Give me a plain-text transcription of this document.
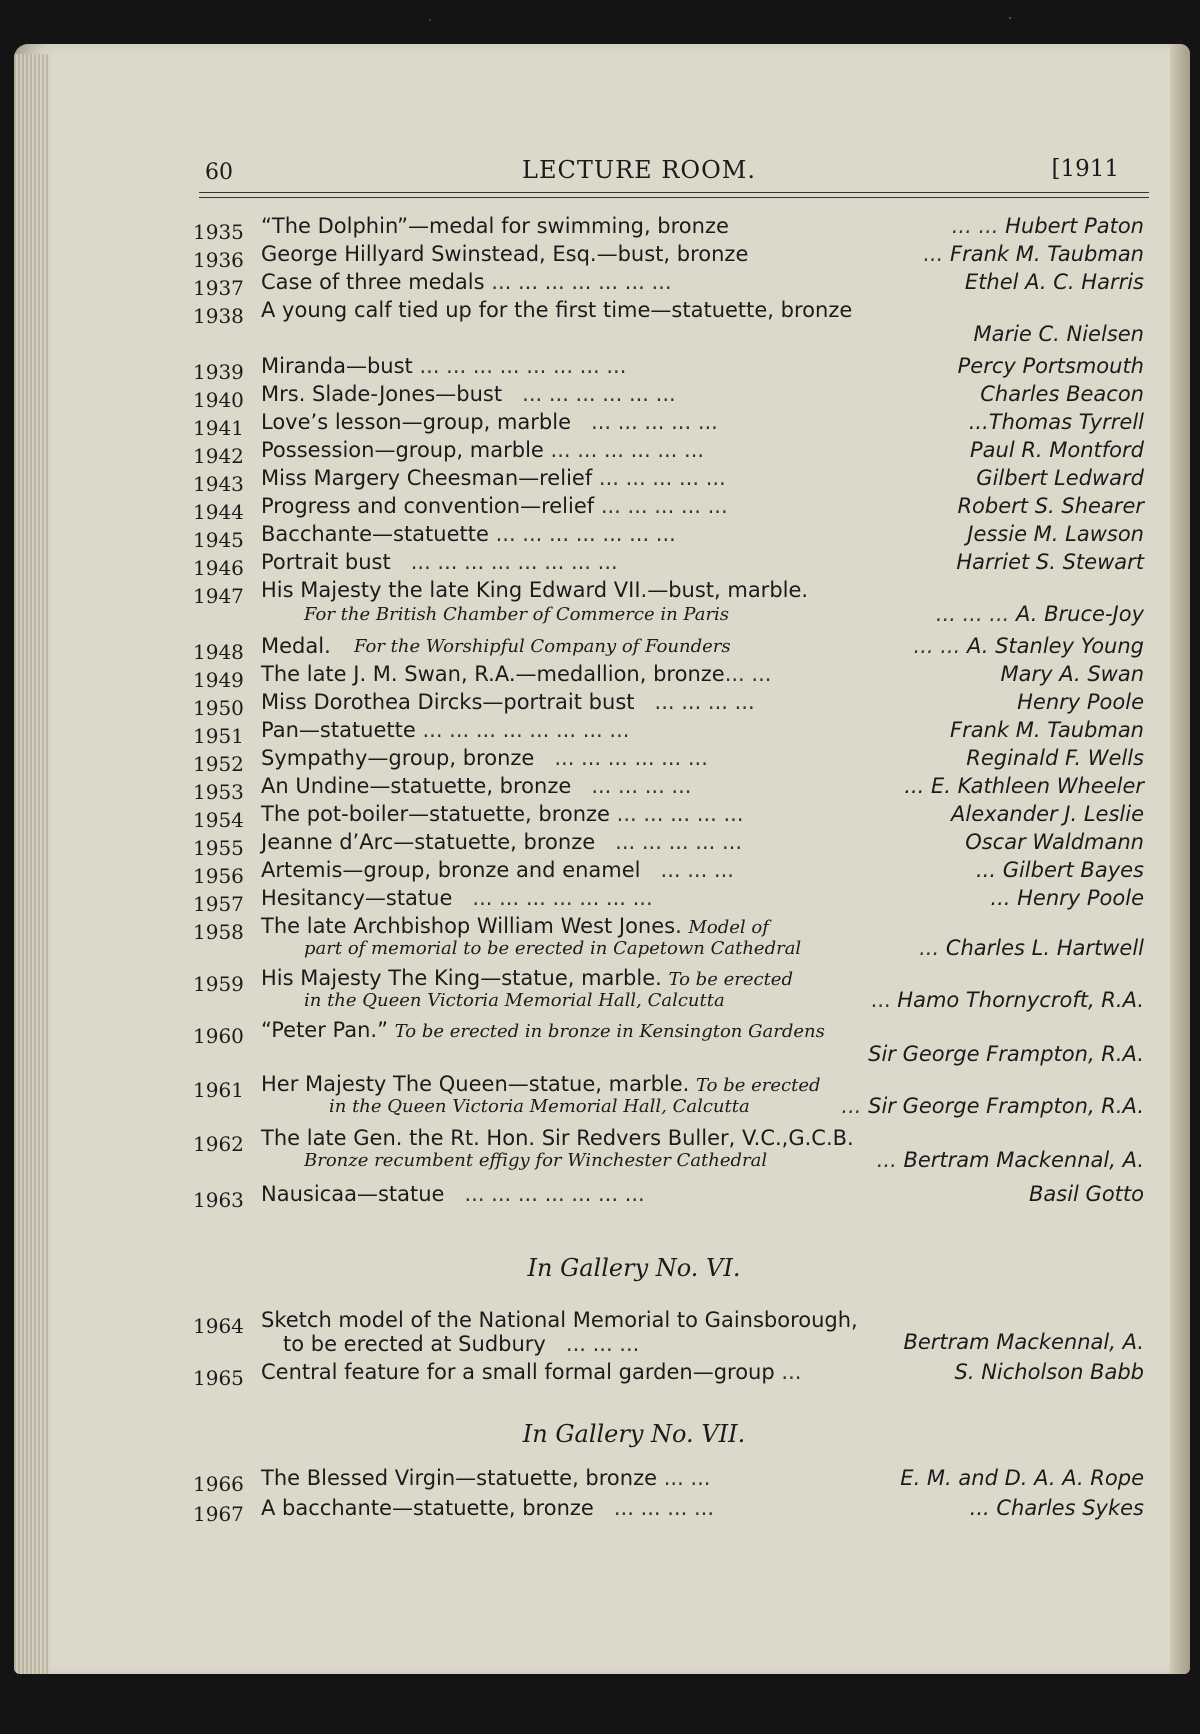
60	LECTURE ROOM.	[1911
1935 “The Dolphin”—medal for swimming, bronze	... ... Hubert Paton
1936 George Hillyard Swinstead, Esq.—bust, bronze	... Frank M. Taubman
1937 Case of three medals ... ... ... ... ... ... ...	Ethel A. C. Harris
1938 A young calf tied up for the first time—statuette, bronze
Marie C. Nielsen
1939 Miranda—bust ... ... ... ... ... ... ... ...	Percy Portsmouth
1940 Mrs. Slade-Jones—bust ... ... ... ... ... ...	Charles Beacon
1941 Love’s lesson—group, marble ... ... ... ... ...	...Thomas Tyrrell
1942 Possession—group, marble ... ... ... ... ... ...	Paul R. Montford
1943 Miss Margery Cheesman—relief ... ... ... ... ...	Gilbert Ledward
1944 Progress and convention—relief ... ... ... ... ...	Robert S. Shearer
1945 Bacchante—statuette ... ... ... ... ... ... ...	Jessie M. Lawson
1946 Portrait bust ... ... ... ... ... ... ... ...	Harriet S. Stewart
1947 His Majesty the late King Edward VII.—bust, marble.
For the British Chamber of Commerce in Paris	... ... ... A. Bruce-Joy
1948 Medal. For the Worshipful Company of Founders	... ... A. Stanley Young
1949 The late J. M. Swan, R.A.—medallion, bronze... ...	Mary A. Swan
1950 Miss Dorothea Dircks—portrait bust ... ... ... ...	Henry Poole
1951 Pan—statuette ... ... ... ... ... ... ... ...	Frank M. Taubman
1952 Sympathy—group, bronze ... ... ... ... ... ...	Reginald F. Wells
1953 An Undine—statuette, bronze ... ... ... ...	... E. Kathleen Wheeler
1954 The pot-boiler—statuette, bronze ... ... ... ... ...	Alexander J. Leslie
1955 Jeanne d’Arc—statuette, bronze ... ... ... ... ...	Oscar Waldmann
1956 Artemis—group, bronze and enamel ... ... ...	... Gilbert Bayes
1957 Hesitancy—statue ... ... ... ... ... ... ...	... Henry Poole
1958 The late Archbishop William West Jones. Model of
part of memorial to be erected in Capetown Cathedral	... Charles L. Hartwell
1959 His Majesty The King—statue, marble. To be erected
in the Queen Victoria Memorial Hall, Calcutta	... Hamo Thornycroft, R.A.
1960 “Peter Pan.” To be erected in bronze in Kensington Gardens
Sir George Frampton, R.A.
1961 Her Majesty The Queen—statue, marble. To be erected
in the Queen Victoria Memorial Hall, Calcutta	... Sir George Frampton, R.A.
1962 The late Gen. the Rt. Hon. Sir Redvers Buller, V.C.,G.C.B.
Bronze recumbent effigy for Winchester Cathedral	... Bertram Mackennal, A.
1963 Nausicaa—statue ... ... ... ... ... ... ...	Basil Gotto
In Gallery No. VI.
1964 Sketch model of the National Memorial to Gainsborough,
to be erected at Sudbury ... ... ...	Bertram Mackennal, A.
1965 Central feature for a small formal garden—group ...	S. Nicholson Babb
In Gallery No. VII.
1966 The Blessed Virgin—statuette, bronze ... ...	E. M. and D. A. A. Rope
1967 A bacchante—statuette, bronze ... ... ... ...	... Charles Sykes
